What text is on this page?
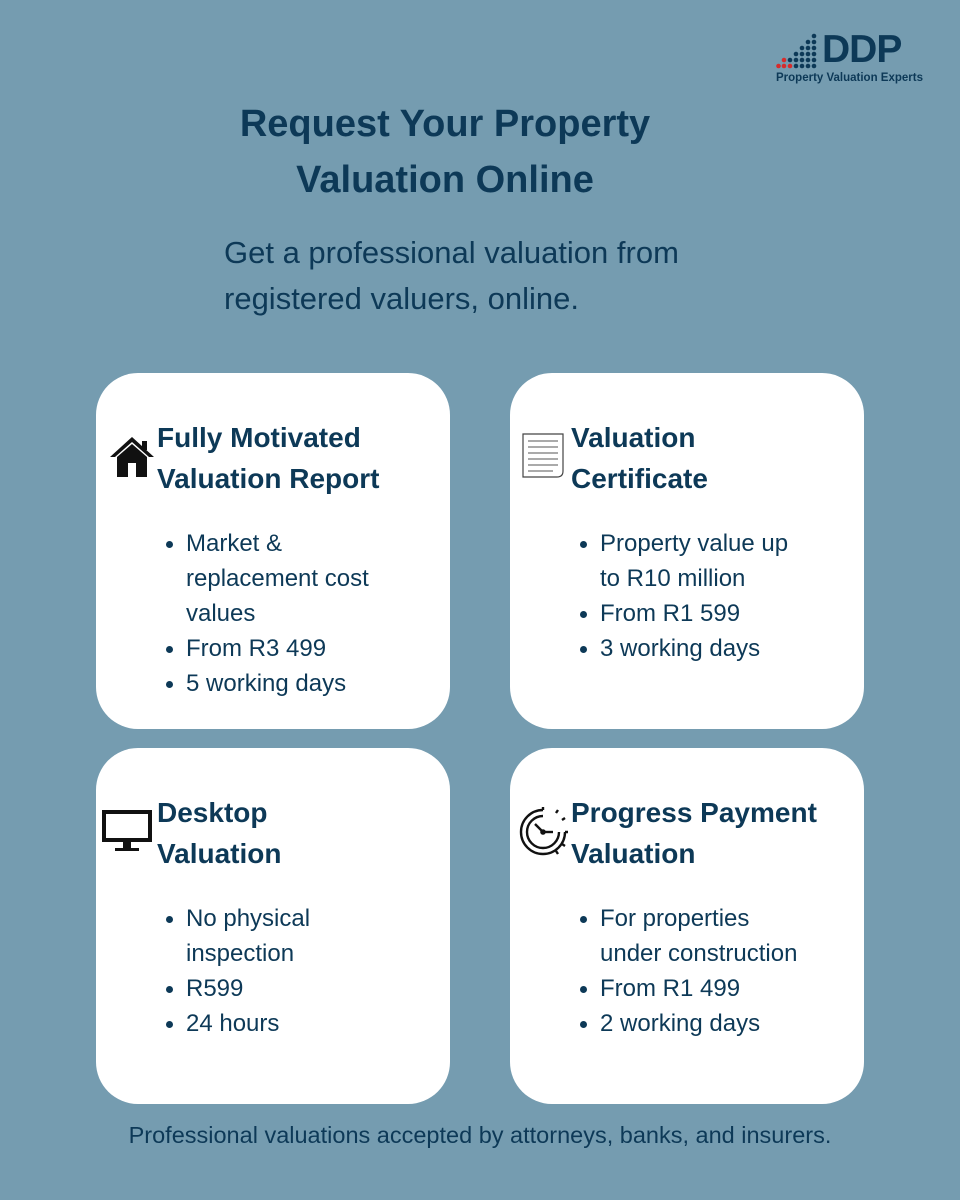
DDP
Property Valuation Experts
Request Your Property
Valuation Online

Get a professional valuation from
registered valuers, online.

Fully Motivated
Valuation Report
Market &
replacement cost
values
From R3 499
5 working days
Valuation
Certificate
Property value up
to R10 million
From R1 599
3 working days
Desktop
Valuation
No physical
inspection
R599
24 hours
Progress Payment
Valuation
For properties
under construction
From R1 499
2 working days

Professional valuations accepted by attorneys, banks, and insurers.
